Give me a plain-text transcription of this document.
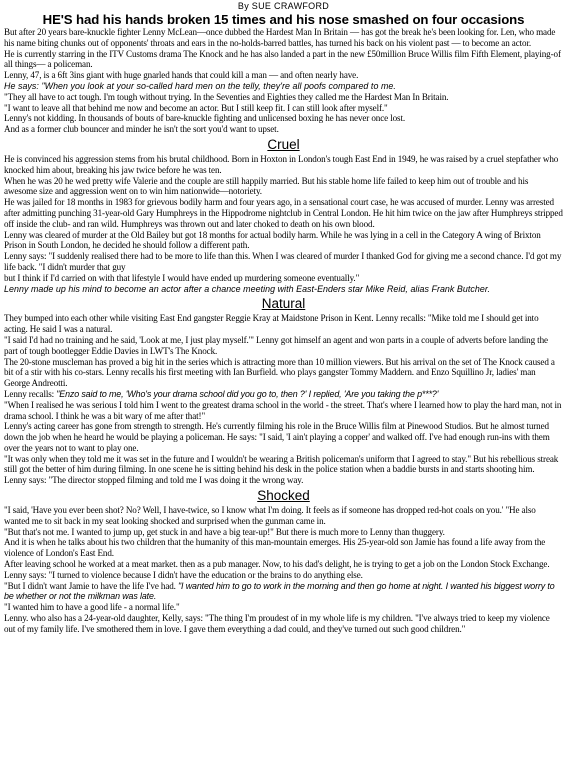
By SUE CRAWFORD
HE'S had his hands broken 15 times and his nose smashed on four occasions

But after 20 years bare-knuckle fighter Lenny McLean—once dubbed the Hardest Man In Britain — has got the break he's been looking for. Len, who made his name biting chunks out of opponents' throats and ears in the no-holds-barred battles, has turned his back on his violent past — to become an actor.

He is currently starring in the ITV Customs drama The Knock and he has also landed a part in the new £50million Bruce Willis film Fifth Element, playing-of all things— a policeman.

Lenny, 47, is a 6ft 3ins giant with huge gnarled hands that could kill a man — and often nearly have.

He says: "When you look at your so-called hard men on the telly, they're all poofs compared to me.

"They all have to act tough. I'm tough without trying. In the Seventies and Eighties they called me the Hardest Man In Britain.

"I want to leave all that behind me now and become an actor. But I still keep fit. I can still look after myself."

Lenny's not kidding. In thousands of bouts of bare-knuckle fighting and unlicensed boxing he has never once lost.

And as a former club bouncer and minder he isn't the sort you'd want to upset.

Cruel

He is convinced his aggression stems from his brutal childhood. Born in Hoxton in London's tough East End in 1949, he was raised by a cruel stepfather who knocked him about, breaking his jaw twice before he was ten.

When he was 20 he wed pretty wife Valerie and the couple are still happily married. But his stable home life failed to keep him out of trouble and his awesome size and aggression went on to win him nationwide—notoriety.

He was jailed for 18 months in 1983 for grievous bodily harm and four years ago, in a sensational court case, he was accused of murder. Lenny was arrested after admitting punching 31-year-old Gary Humphreys in the Hippodrome nightclub in Central London. He hit him twice on the jaw after Humphreys stripped off inside the club- and ran wild. Humphreys was thrown out and later choked to death on his own blood.

Lenny was cleared of murder at the Old Bailey but got 18 months for actual bodily harm. While he was lying in a cell in the Category A wing of Brixton Prison in South London, he decided he should follow a different path.

Lenny says: "I suddenly realised there had to be more to life than this. When I was cleared of murder I thanked God for giving me a second chance. I'd got my life back. "I didn't murder that guy

but I think if I'd carried on with that lifestyle I would have ended up murdering someone eventually."

Lenny made up his mind to become an actor after a chance meeting with East-Enders star Mike Reid, alias Frank Butcher.

Natural

They bumped into each other while visiting East End gangster Reggie Kray at Maidstone Prison in Kent. Lenny recalls: "Mike told me I should get into acting. He said I was a natural.

"I said I'd had no training and he said, 'Look at me, I just play myself.'" Lenny got himself an agent and won parts in a couple of adverts before landing the part of tough bootlegger Eddie Davies in LWT's The Knock.

The 20-stone muscleman has proved a big hit in the series which is attracting more than 10 million viewers. But his arrival on the set of The Knock caused a bit of a stir with his co-stars. Lenny recalls his first meeting with Ian Burfield. who plays gangster Tommy Maddern. and Enzo Squillino Jr, ladies' man George Andreotti.

Lenny recalls: "Enzo said to me, 'Who's your drama school did you go to, then ?' I replied, 'Are you taking the p***?'

"When I realised he was serious I told him I went to the greatest drama school in the world - the street. That's where I learned how to play the hard man, not in drama school. I think he was a bit wary of me after that!"

Lenny's acting career has gone from strength to strength. He's currently filming his role in the Bruce Willis film at Pinewood Studios. But he almost turned down the job when he heard he would be playing a policeman. He says: "I said, 'I ain't playing a copper' and walked off. I've had enough run-ins with them over the years not to want to play one.

"It was only when they told me it was set in the future and I wouldn't be wearing a British policeman's uniform that I agreed to stay." But his rebellious streak still got the better of him during filming. In one scene he is sitting behind his desk in the police station when a baddie bursts in and starts shooting him.

Lenny says: "The director stopped filming and told me I was doing it the wrong way.

Shocked

"I said, 'Have you ever been shot? No? Well, I have-twice, so I know what I'm doing. It feels as if someone has dropped red-hot coals on you.' "He also wanted me to sit back in my seat looking shocked and surprised when the gunman came in.

"But that's not me. I wanted to jump up, get stuck in and have a big tear-up!" But there is much more to Lenny than thuggery.

And it is when he talks about his two children that the humanity of this man-mountain emerges. His 25-year-old son Jamie has found a life away from the violence of London's East End.

After leaving school he worked at a meat market. then as a pub manager. Now, to his dad's delight, he is trying to get a job on the London Stock Exchange. Lenny says: "I turned to violence because I didn't have the education or the brains to do anything else.

"But I didn't want Jamie to have the life I've had. "I wanted him to go to work in the morning and then go home at night. I wanted his biggest worry to be whether or not the milkman was late.

"I wanted him to have a good life - a normal life."

Lenny. who also has a 24-year-old daughter, Kelly, says: "The thing I'm proudest of in my whole life is my children. "I've always tried to keep my violence out of my family life. I've smothered them in love. I gave them everything a dad could, and they've turned out such good children."
